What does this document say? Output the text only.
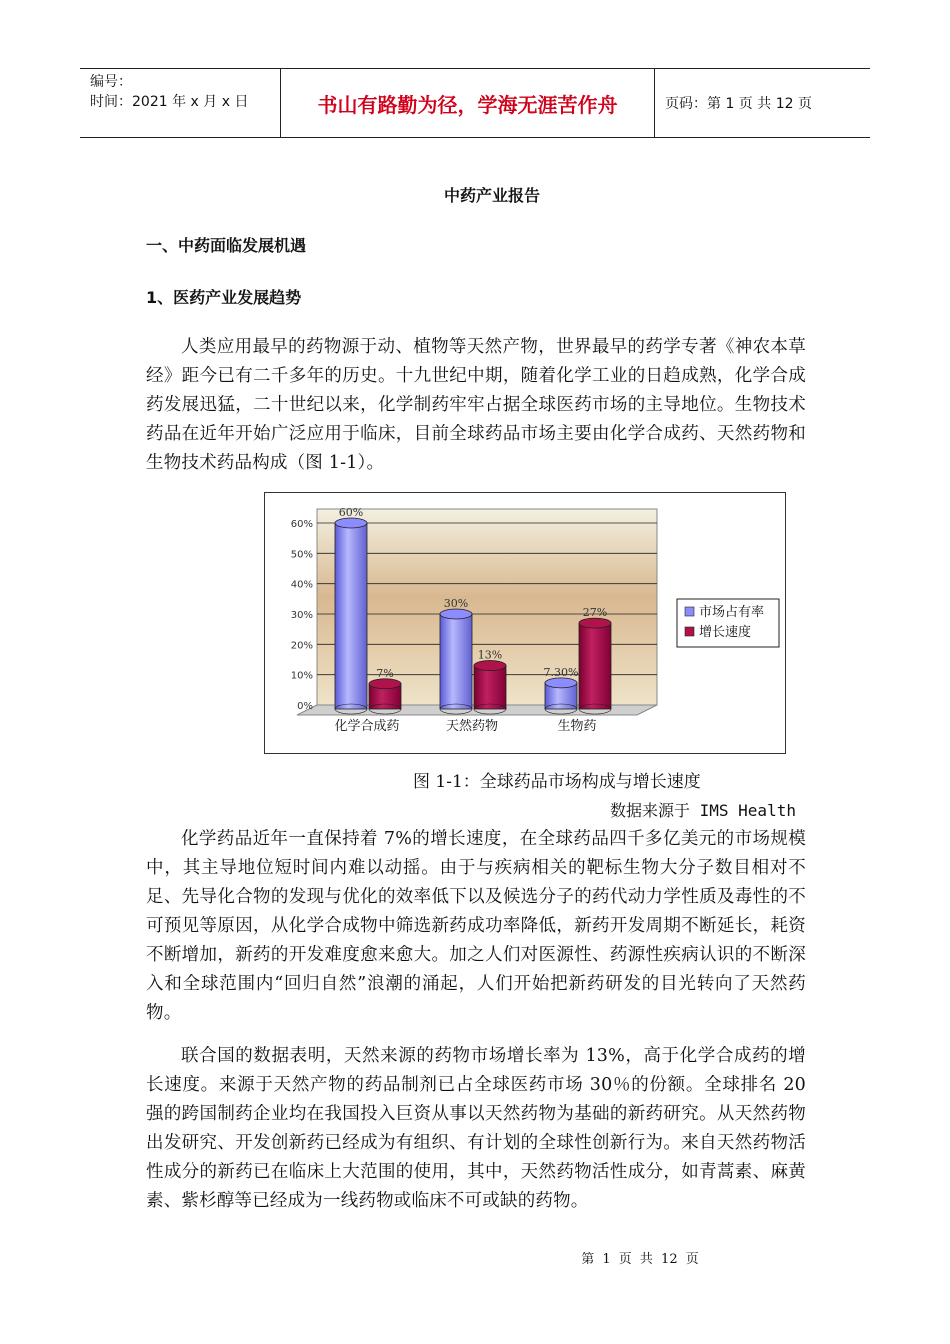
编号：
时间：2021 年 x 月 x 日	书山有路勤为径，学海无涯苦作舟	页码：第 1 页 共 12 页
中药产业报告
一、中药面临发展机遇
1、医药产业发展趋势
人类应用最早的药物源于动、植物等天然产物，世界最早的药学专著《神农本草经》距今已有二千多年的历史。十九世纪中期，随着化学工业的日趋成熟，化学合成药发展迅猛，二十世纪以来，化学制药牢牢占据全球医药市场的主导地位。生物技术药品在近年开始广泛应用于临床，目前全球药品市场主要由化学合成药、天然药物和生物技术药品构成（图 1-1）。
0%
10%
20%
30%
40%
50%
60%
60%
7%
30%
13%
7.30%
27%
化学合成药	天然药物	生物药
市场占有率
增长速度
图 1-1：全球药品市场构成与增长速度
数据来源于 IMS Health
化学药品近年一直保持着 7%的增长速度，在全球药品四千多亿美元的市场规模中，其主导地位短时间内难以动摇。由于与疾病相关的靶标生物大分子数目相对不足、先导化合物的发现与优化的效率低下以及候选分子的药代动力学性质及毒性的不可预见等原因，从化学合成物中筛选新药成功率降低，新药开发周期不断延长，耗资不断增加，新药的开发难度愈来愈大。加之人们对医源性、药源性疾病认识的不断深入和全球范围内“回归自然”浪潮的涌起，人们开始把新药研发的目光转向了天然药物。
联合国的数据表明，天然来源的药物市场增长率为 13%，高于化学合成药的增长速度。来源于天然产物的药品制剂已占全球医药市场 30％的份额。全球排名 20 强的跨国制药企业均在我国投入巨资从事以天然药物为基础的新药研究。从天然药物出发研究、开发创新药已经成为有组织、有计划的全球性创新行为。来自天然药物活性成分的新药已在临床上大范围的使用，其中，天然药物活性成分，如青蒿素、麻黄素、紫杉醇等已经成为一线药物或临床不可或缺的药物。
第 1 页 共 12 页
